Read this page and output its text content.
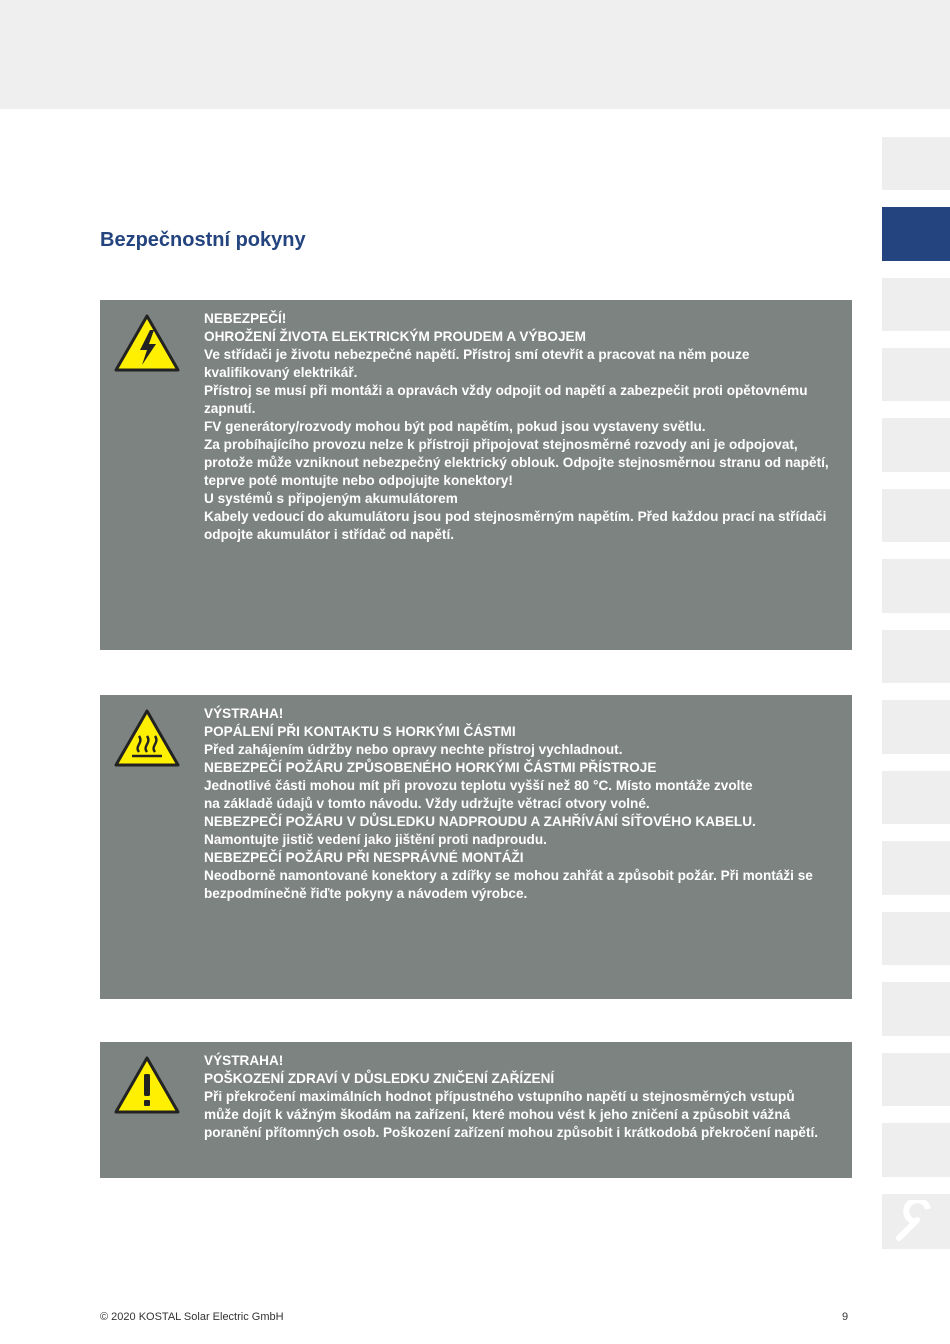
Bezpečnostní pokyny

NEBEZPEČÍ!

OHROŽENÍ ŽIVOTA ELEKTRICKÝM PROUDEM A VÝBOJEM

Ve střídači je životu nebezpečné napětí. Přístroj smí otevřít a pracovat na něm pouze kvalifikovaný elektrikář.

Přístroj se musí při montáži a opravách vždy odpojit od napětí a zabezpečit proti opětovnému zapnutí.

FV generátory/rozvody mohou být pod napětím, pokud jsou vystaveny světlu.

Za probíhajícího provozu nelze k přístroji připojovat stejnosměrné rozvody ani je odpojovat, protože může vzniknout nebezpečný elektrický oblouk. Odpojte stejnosměrnou stranu od napětí, teprve poté montujte nebo odpojujte konektory!

U systémů s připojeným akumulátorem
Kabely vedoucí do akumulátoru jsou pod stejnosměrným napětím. Před každou prací na střídači odpojte akumulátor i střídač od napětí.

VÝSTRAHA!

POPÁLENÍ PŘI KONTAKTU S HORKÝMI ČÁSTMI

Před zahájením údržby nebo opravy nechte přístroj vychladnout.

NEBEZPEČÍ POŽÁRU ZPŮSOBENÉHO HORKÝMI ČÁSTMI PŘÍSTROJE

Jednotlivé části mohou mít při provozu teplotu vyšší než 80 °C. Místo montáže zvolte
na základě údajů v tomto návodu. Vždy udržujte větrací otvory volné.

NEBEZPEČÍ POŽÁRU V DŮSLEDKU NADPROUDU A ZAHŘÍVÁNÍ SÍŤOVÉHO KABELU.

Namontujte jistič vedení jako jištění proti nadproudu.

NEBEZPEČÍ POŽÁRU PŘI NESPRÁVNÉ MONTÁŽI

Neodborně namontované konektory a zdířky se mohou zahřát a způsobit požár. Při montáži se bezpodmínečně řiďte pokyny a návodem výrobce.

VÝSTRAHA!

POŠKOZENÍ ZDRAVÍ V DŮSLEDKU ZNIČENÍ ZAŘÍZENÍ

Při překročení maximálních hodnot přípustného vstupního napětí u stejnosměrných vstupů může dojít k vážným škodám na zařízení, které mohou vést k jeho zničení a způsobit vážná poranění přítomných osob. Poškození zařízení mohou způsobit i krátkodobá překročení napětí.

© 2020 KOSTAL Solar Electric GmbH	9
